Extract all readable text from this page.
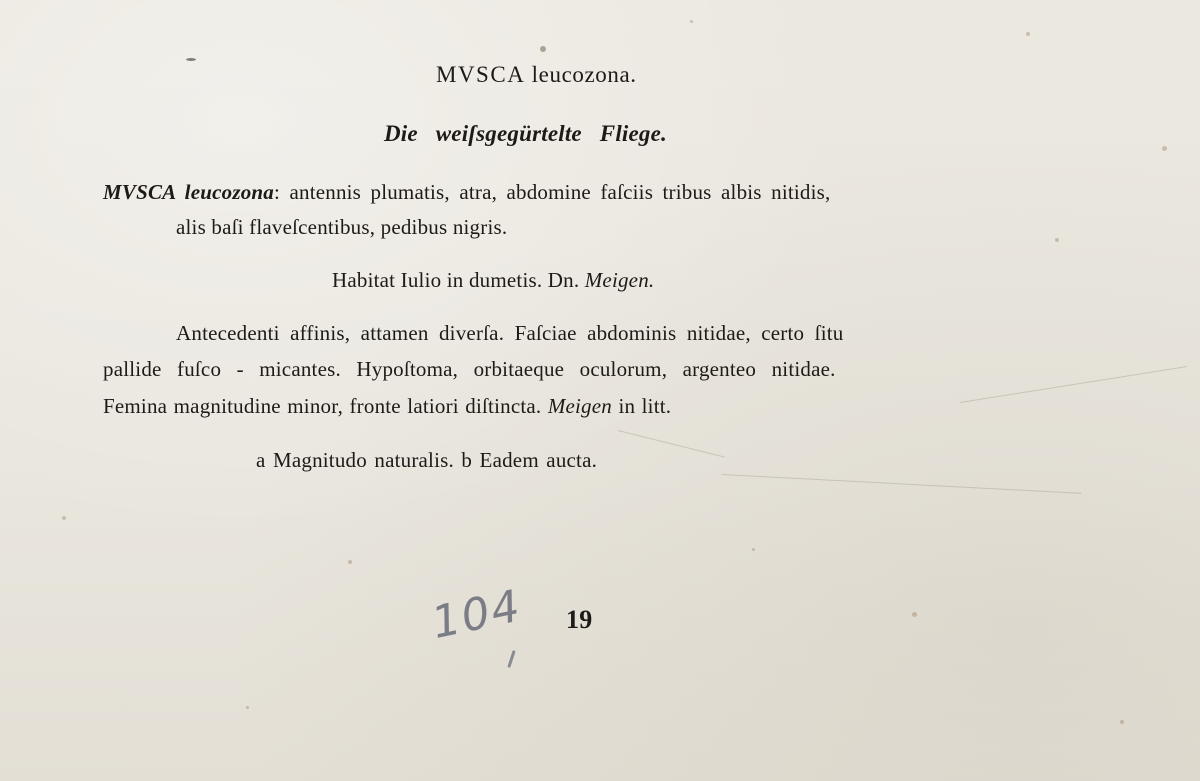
MVSCA leucozona.
Die weiſsgegürtelte Fliege.
MVSCA leucozona: antennis plumatis, atra, abdomine faſciis tribus albis nitidis,
alis baſi flaveſcentibus, pedibus nigris.
Habitat Iulio in dumetis. Dn. Meigen.
Antecedenti affinis, attamen diverſa. Faſciae abdominis nitidae, certo ſitu
pallide fuſco - micantes. Hypoſtoma, orbitaeque oculorum, argenteo nitidae.
Femina magnitudine minor, fronte latiori diſtincta. Meigen in litt.
a Magnitudo naturalis. b Eadem aucta.
104 19
